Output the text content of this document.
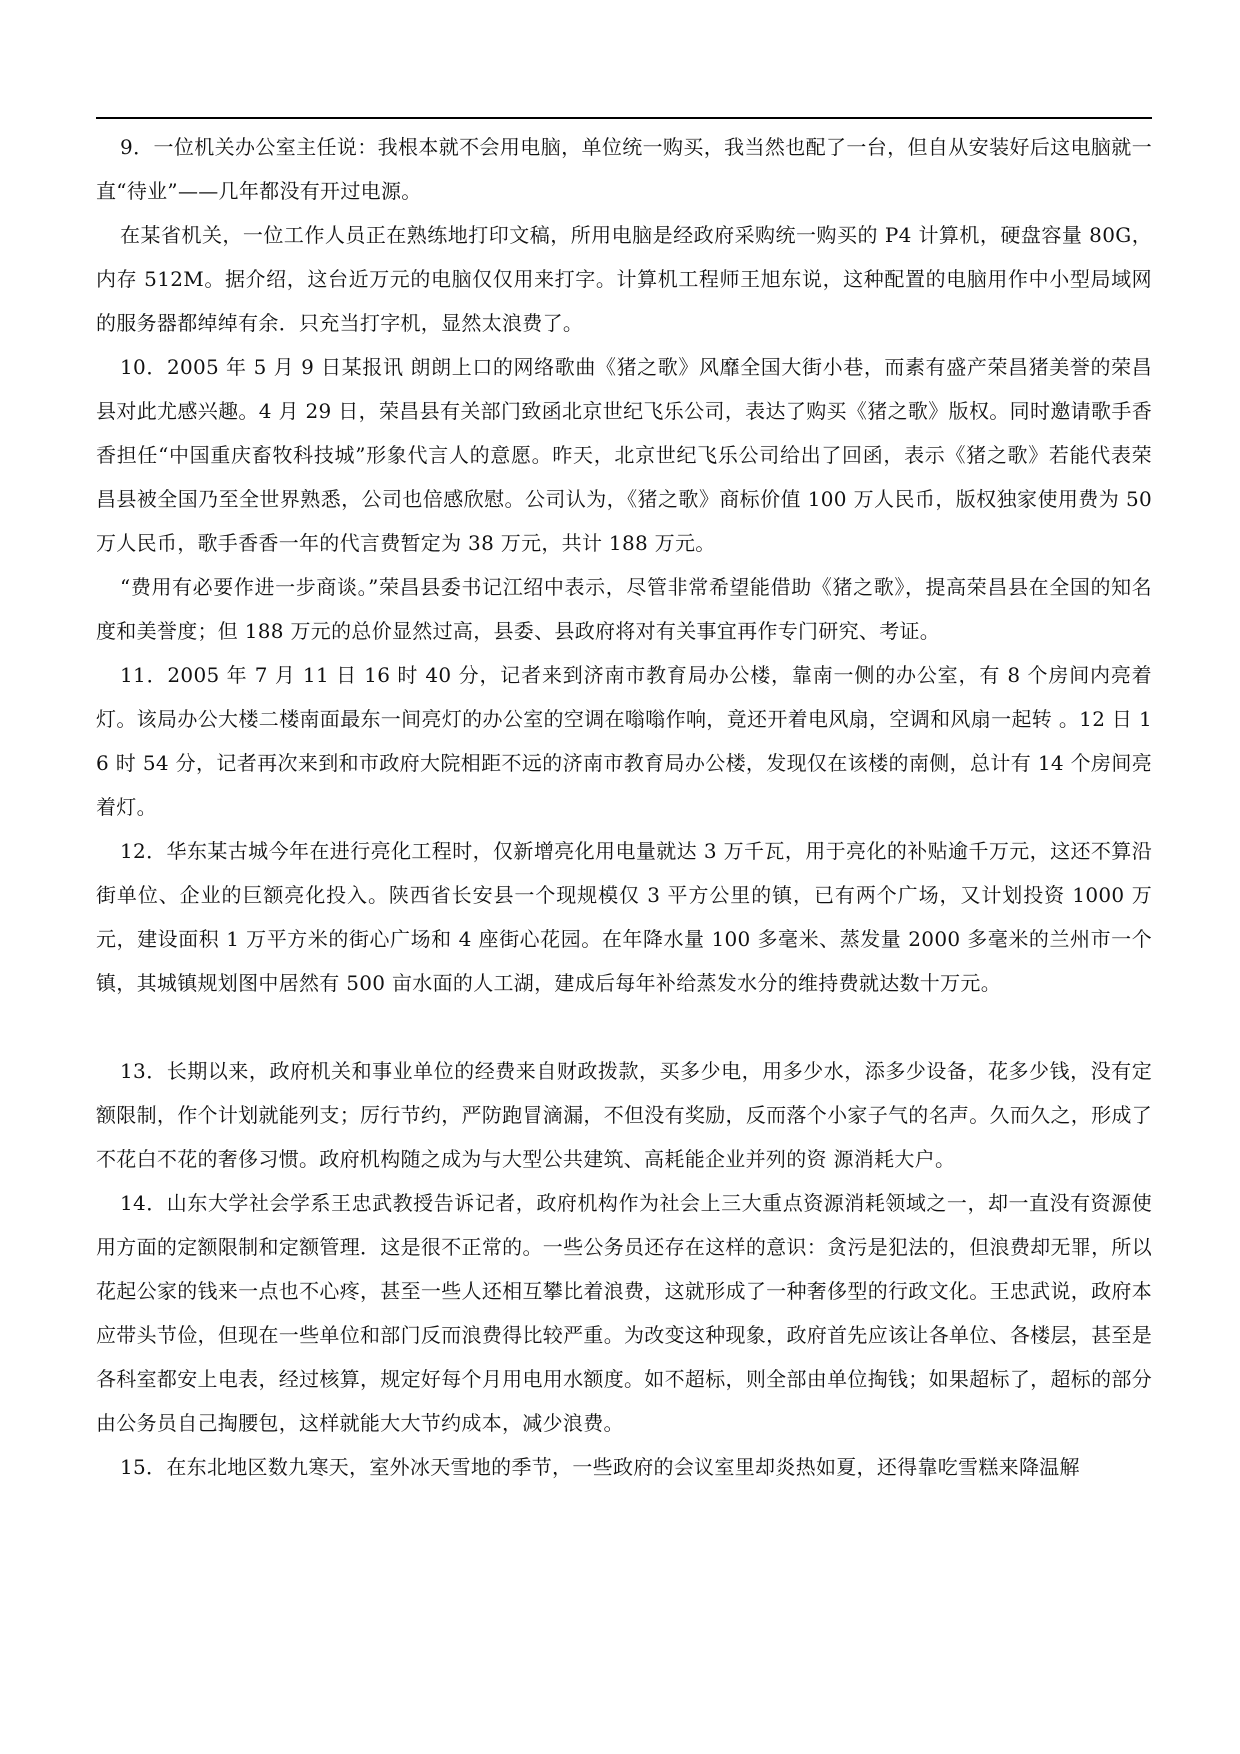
9．一位机关办公室主任说：我根本就不会用电脑，单位统一购买，我当然也配了一台，但自从安装好后这电脑就一直“待业”——几年都没有开过电源。

在某省机关，一位工作人员正在熟练地打印文稿，所用电脑是经政府采购统一购买的 P4 计算机，硬盘容量 80G，内存 512M。据介绍，这台近万元的电脑仅仅用来打字。计算机工程师王旭东说，这种配置的电脑用作中小型局域网的服务器都绰绰有余．只充当打字机，显然太浪费了。

10．2005 年 5 月 9 日某报讯 朗朗上口的网络歌曲《猪之歌》风靡全国大街小巷，而素有盛产荣昌猪美誉的荣昌县对此尤感兴趣。4 月 29 日，荣昌县有关部门致函北京世纪飞乐公司，表达了购买《猪之歌》版权。同时邀请歌手香香担任“中国重庆畜牧科技城”形象代言人的意愿。昨天，北京世纪飞乐公司给出了回函，表示《猪之歌》若能代表荣昌县被全国乃至全世界熟悉，公司也倍感欣慰。公司认为，《猪之歌》商标价值 100 万人民币，版权独家使用费为 50 万人民币，歌手香香一年的代言费暂定为 38 万元，共计 188 万元。

“费用有必要作进一步商谈。”荣昌县委书记江绍中表示，尽管非常希望能借助《猪之歌》，提高荣昌县在全国的知名度和美誉度；但 188 万元的总价显然过高，县委、县政府将对有关事宜再作专门研究、考证。

11．2005 年 7 月 11 日 16 时 40 分，记者来到济南市教育局办公楼，靠南一侧的办公室，有 8 个房间内亮着灯。该局办公大楼二楼南面最东一间亮灯的办公室的空调在嗡嗡作响，竟还开着电风扇，空调和风扇一起转 。12 日 16 时 54 分，记者再次来到和市政府大院相距不远的济南市教育局办公楼，发现仅在该楼的南侧，总计有 14 个房间亮着灯。

12．华东某古城今年在进行亮化工程时，仅新增亮化用电量就达 3 万千瓦，用于亮化的补贴逾千万元，这还不算沿街单位、企业的巨额亮化投入。陕西省长安县一个现规模仅 3 平方公里的镇，已有两个广场，又计划投资 1000 万元，建设面积 1 万平方米的街心广场和 4 座街心花园。在年降水量 100 多毫米、蒸发量 2000 多毫米的兰州市一个镇，其城镇规划图中居然有 500 亩水面的人工湖，建成后每年补给蒸发水分的维持费就达数十万元。

13．长期以来，政府机关和事业单位的经费来自财政拨款，买多少电，用多少水，添多少设备，花多少钱，没有定额限制，作个计划就能列支；厉行节约，严防跑冒滴漏，不但没有奖励，反而落个小家子气的名声。久而久之，形成了不花白不花的奢侈习惯。政府机构随之成为与大型公共建筑、高耗能企业并列的资 源消耗大户。

14．山东大学社会学系王忠武教授告诉记者，政府机构作为社会上三大重点资源消耗领域之一，却一直没有资源使用方面的定额限制和定额管理．这是很不正常的。一些公务员还存在这样的意识：贪污是犯法的，但浪费却无罪，所以花起公家的钱来一点也不心疼，甚至一些人还相互攀比着浪费，这就形成了一种奢侈型的行政文化。王忠武说，政府本应带头节俭，但现在一些单位和部门反而浪费得比较严重。为改变这种现象，政府首先应该让各单位、各楼层，甚至是各科室都安上电表，经过核算，规定好每个月用电用水额度。如不超标，则全部由单位掏钱；如果超标了，超标的部分由公务员自己掏腰包，这样就能大大节约成本，减少浪费。

15．在东北地区数九寒天，室外冰天雪地的季节，一些政府的会议室里却炎热如夏，还得靠吃雪糕来降温解
